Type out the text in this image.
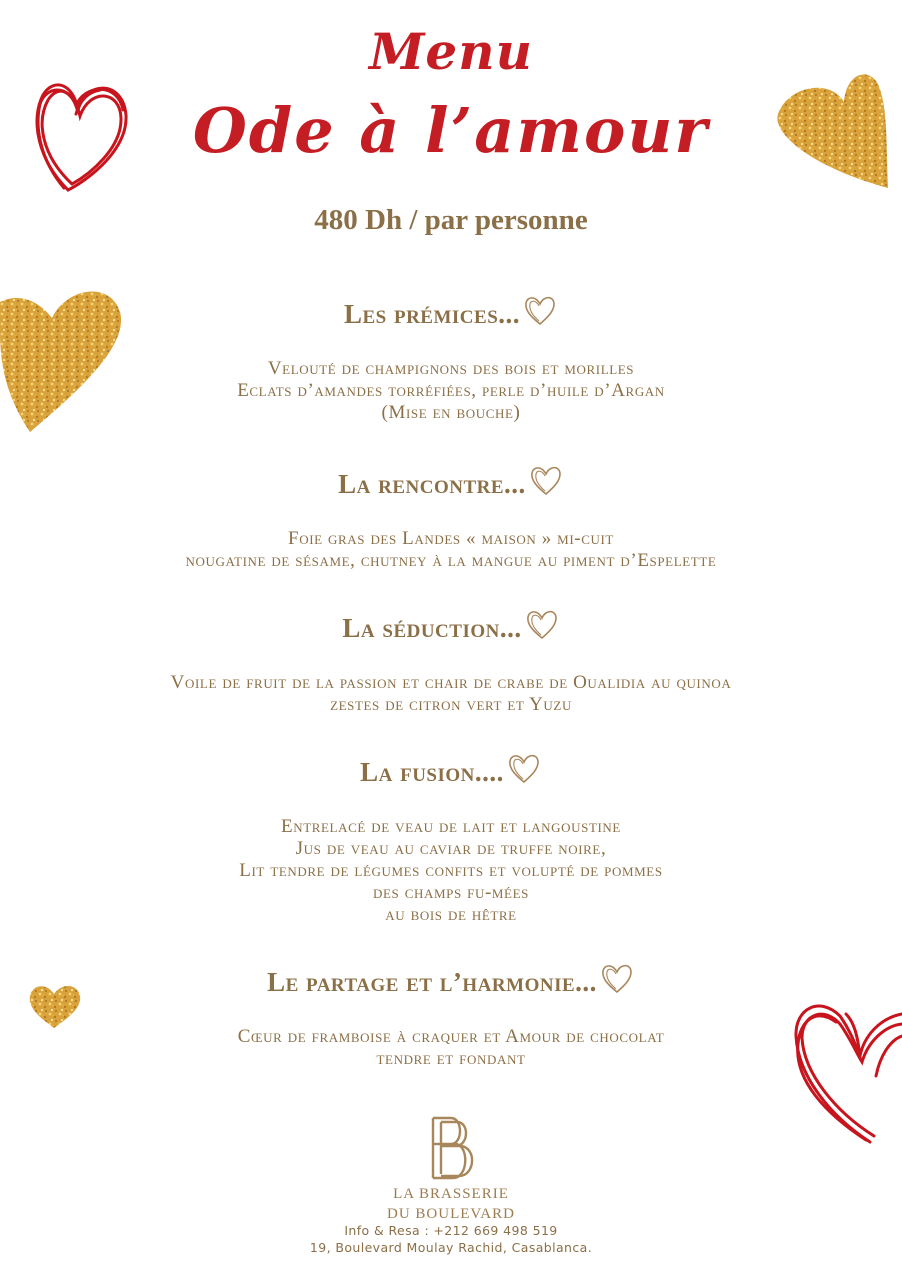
Menu
Ode à l’amour
480 Dh / par personne
Les prémices...
Velouté de champignons des bois et morilles
Eclats d’amandes torréfiées, perle d’huile d’Argan
(Mise en bouche)
La rencontre...
Foie gras des Landes « maison » mi-cuit
nougatine de sésame, chutney à la mangue au piment d’Espelette
La séduction...
Voile de fruit de la passion et chair de crabe de Oualidia au quinoa
zestes de citron vert et Yuzu
La fusion....
Entrelacé de veau de lait et langoustine
Jus de veau au caviar de truffe noire,
Lit tendre de légumes confits et volupté de pommes
des champs fu-mées
au bois de hêtre
Le partage et l’harmonie...
Cœur de framboise à craquer et Amour de chocolat
tendre et fondant
LA BRASSERIE
DU BOULEVARD
Info & Resa : +212 669 498 519
19, Boulevard Moulay Rachid, Casablanca.
